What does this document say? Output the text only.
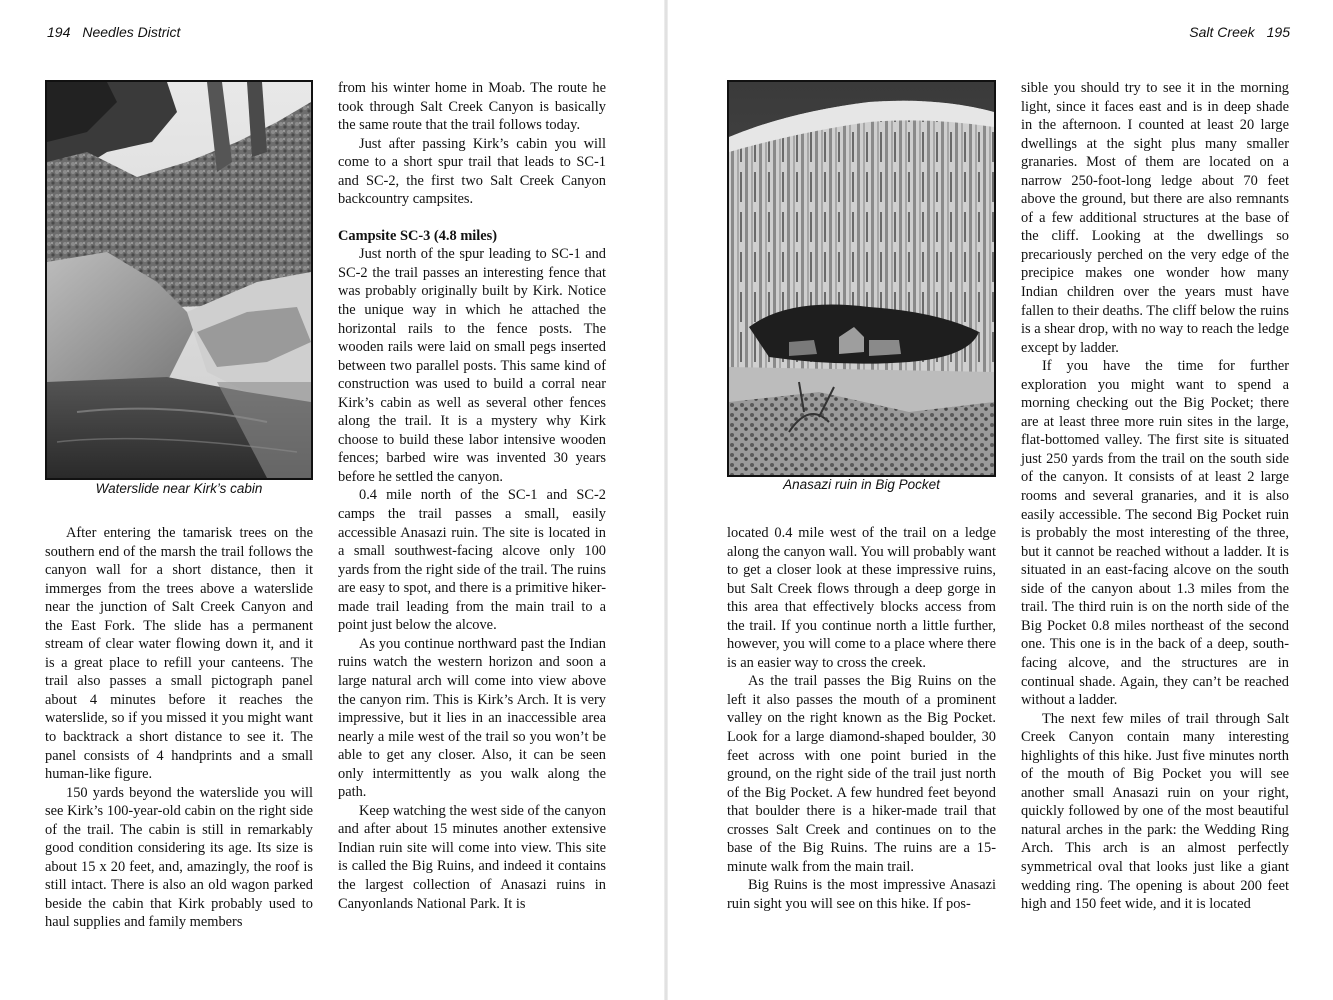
194 Needles District
Waterslide near Kirk’s cabin

After entering the tamarisk trees on the southern end of the marsh the trail follows the canyon wall for a short distance, then it immerges from the trees above a waterslide near the junction of Salt Creek Canyon and the East Fork. The slide has a permanent stream of clear water flowing down it, and it is a great place to refill your canteens. The trail also passes a small pictograph panel about 4 minutes before it reaches the waterslide, so if you missed it you might want to backtrack a short distance to see it. The panel consists of 4 handprints and a small human-like figure.

150 yards beyond the waterslide you will see Kirk’s 100-year-old cabin on the right side of the trail. The cabin is still in remarkably good condition considering its age. Its size is about 15 x 20 feet, and, amazingly, the roof is still intact. There is also an old wagon parked beside the cabin that Kirk probably used to haul supplies and family members

from his winter home in Moab. The route he took through Salt Creek Canyon is basically the same route that the trail follows today.

Just after passing Kirk’s cabin you will come to a short spur trail that leads to SC-1 and SC-2, the first two Salt Creek Canyon backcountry campsites.

Campsite SC-3 (4.8 miles)

Just north of the spur leading to SC-1 and SC-2 the trail passes an interesting fence that was probably originally built by Kirk. Notice the unique way in which he attached the horizontal rails to the fence posts. The wooden rails were laid on small pegs inserted between two parallel posts. This same kind of construction was used to build a corral near Kirk’s cabin as well as several other fences along the trail. It is a mystery why Kirk choose to build these labor intensive wooden fences; barbed wire was invented 30 years before he settled the canyon.

0.4 mile north of the SC-1 and SC-2 camps the trail passes a small, easily accessible Anasazi ruin. The site is located in a small southwest-facing alcove only 100 yards from the right side of the trail. The ruins are easy to spot, and there is a primitive hiker-made trail leading from the main trail to a point just below the alcove.

As you continue northward past the Indian ruins watch the western horizon and soon a large natural arch will come into view above the canyon rim. This is Kirk’s Arch. It is very impressive, but it lies in an inaccessible area nearly a mile west of the trail so you won’t be able to get any closer. Also, it can be seen only intermittently as you walk along the path.

Keep watching the west side of the canyon and after about 15 minutes another extensive Indian ruin site will come into view. This site is called the Big Ruins, and indeed it contains the largest collection of Anasazi ruins in Canyonlands National Park. It is

Salt Creek 195
Anasazi ruin in Big Pocket

located 0.4 mile west of the trail on a ledge along the canyon wall. You will probably want to get a closer look at these impressive ruins, but Salt Creek flows through a deep gorge in this area that effectively blocks access from the trail. If you continue north a little further, however, you will come to a place where there is an easier way to cross the creek.

As the trail passes the Big Ruins on the left it also passes the mouth of a prominent valley on the right known as the Big Pocket. Look for a large diamond-shaped boulder, 30 feet across with one point buried in the ground, on the right side of the trail just north of the Big Pocket. A few hundred feet beyond that boulder there is a hiker-made trail that crosses Salt Creek and continues on to the base of the Big Ruins. The ruins are a 15-minute walk from the main trail.

Big Ruins is the most impressive Anasazi ruin sight you will see on this hike. If pos-

sible you should try to see it in the morning light, since it faces east and is in deep shade in the afternoon. I counted at least 20 large dwellings at the sight plus many smaller granaries. Most of them are located on a narrow 250-foot-long ledge about 70 feet above the ground, but there are also remnants of a few additional structures at the base of the cliff. Looking at the dwellings so precariously perched on the very edge of the precipice makes one wonder how many Indian children over the years must have fallen to their deaths. The cliff below the ruins is a shear drop, with no way to reach the ledge except by ladder.

If you have the time for further exploration you might want to spend a morning checking out the Big Pocket; there are at least three more ruin sites in the large, flat-bottomed valley. The first site is situated just 250 yards from the trail on the south side of the canyon. It consists of at least 2 large rooms and several granaries, and it is also easily accessible. The second Big Pocket ruin is probably the most interesting of the three, but it cannot be reached without a ladder. It is situated in an east-facing alcove on the south side of the canyon about 1.3 miles from the trail. The third ruin is on the north side of the Big Pocket 0.8 miles northeast of the second one. This one is in the back of a deep, south-facing alcove, and the structures are in continual shade. Again, they can’t be reached without a ladder.

The next few miles of trail through Salt Creek Canyon contain many interesting highlights of this hike. Just five minutes north of the mouth of Big Pocket you will see another small Anasazi ruin on your right, quickly followed by one of the most beautiful natural arches in the park: the Wedding Ring Arch. This arch is an almost perfectly symmetrical oval that looks just like a giant wedding ring. The opening is about 200 feet high and 150 feet wide, and it is located
